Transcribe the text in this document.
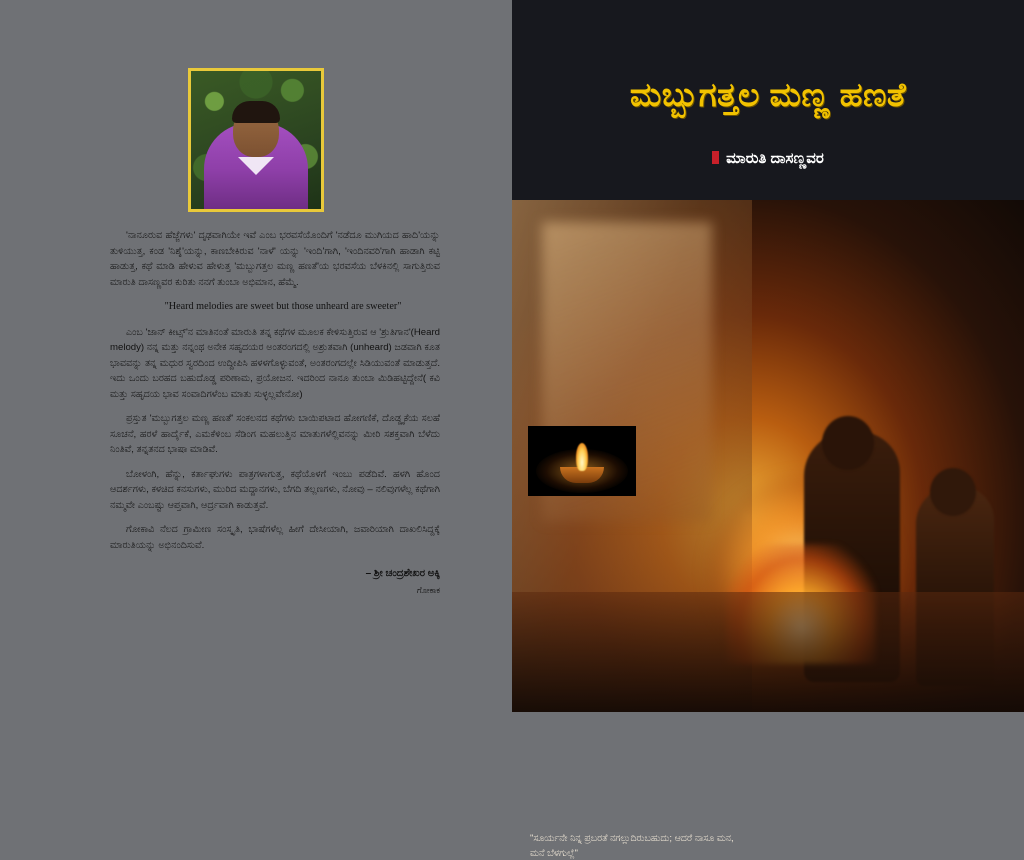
'ನಾನೂರುವ ಹೆಜ್ಜೆಗಳು' ದೃಢವಾಗಿಯೇ ಇವೆ ಎಂಬ ಭರವಸೆಯೊಂದಿಗೆ 'ನಡೆದೂ ಮುಗಿಯದ ಹಾದಿ'ಯನ್ನು ತುಳಿಯುತ್ತ, ಕಂಡ 'ನಿಶ್ಶೆ'ಯನ್ನು, ಕಾಣಬೇಕಿರುವ 'ನಾಳೆ' ಯನ್ನು 'ಇಂದಿ'ಗಾಗಿ, 'ಇಂದಿನವರಿ'ಗಾಗಿ ಹಾಡಾಗಿ ಕಟ್ಟಿ ಹಾಡುತ್ತ, ಕಥೆ ಮಾಡಿ ಹೇಳುವ ಹೇಳುತ್ತ 'ಮಬ್ಬುಗತ್ತಲ ಮಣ್ಣ ಹಣತೆ'ಯ ಭರವಸೆಯ ಬೆಳಕಿನಲ್ಲಿ ಸಾಗುತ್ತಿರುವ ಮಾರುತಿ ದಾಸಣ್ಣವರ ಕುರಿತು ನನಗೆ ತುಂಬಾ ಅಭಿಮಾನ, ಹೆಮ್ಮೆ.

"Heard melodies are sweet but those unheard are sweeter"

ಎಂಬ 'ಜಾನ್ ಕೀಟ್ಸ್'ನ ಮಾತಿನಂತೆ ಮಾರುತಿ ತನ್ನ ಕಥೆಗಳ ಮೂಲಕ ಕೇಳಿಸುತ್ತಿರುವ ಆ 'ಶ್ರುತಿಗಾನ'(Heard melody) ನನ್ನ ಮತ್ತು ನನ್ನಂಥ ಅನೇಕ ಸಹೃದಯರ ಅಂತರಂಗದಲ್ಲಿ ಅಶ್ರುತವಾಗಿ (unheard) ಜಡವಾಗಿ ಕೂತ ಭಾವವನ್ನು ತನ್ನ ಮಧುರ ಸ್ವರದಿಂದ ಉದ್ದೀಪಿಸಿ ಹಳಳಗೊಳ್ಳುವಂತೆ, ಅಂತರಂಗದಲ್ಲೇ ಸಿಡಿಯುವಂತೆ ಮಾಡುತ್ತದೆ. ಇದು ಒಂದು ಬರಹದ ಬಹುದೊಡ್ಡ ಪರಿಣಾಮ, ಪ್ರಯೋಜನ. ಇದರಿಂದ ನಾನೂ ತುಂಬಾ ಮಿಡಿಹಟ್ಟಿದ್ದೇನೆ( ಕವಿ ಮತ್ತು ಸಹೃದಯ ಭಾವ ಸಂವಾದಿಗಳೆಂಬ ಮಾತು ಸುಳ್ಳಲ್ಲವೇನೋ)

ಪ್ರಸ್ತುತ 'ಮಬ್ಬುಗತ್ತಲ ಮಣ್ಣ ಹಣತೆ' ಸಂಕಲನದ ಕಥೆಗಳು ಬಾಯಿಪಟಾದ ಹೋಗಣಿಕೆ, ದೊಡ್ಡೃಕೆಯ ಸಲಹೆ ಸೂಚನೆ, ಹರಳೆ ಹಾರ್ದೈಕೆ, ಎಮಕೆಳಿಂಬ ಸೆಡಿಂಗ ಮಹಲುತ್ತಿನ ಮಾತುಗಳೆಲ್ಲಿವನನ್ನು ಮೀರಿ ಸಶಕ್ತವಾಗಿ ಬೆಳೆದು ನಿಂತಿವೆ, ತನ್ನತನದ ಭಾಷಾ ಮಾಡಿವೆ.

ಬೋಳಂಗಿ, ಹೆನ್ನು, ಕರ್ತಾಘುಗಳು ಪಾತ್ರಗಳಾಗುತ್ತ, ಕಥೆಯೊಳಗೆ ಇಂಬು ಪಡೆದಿವೆ. ಹಳಗಿ ಹೊಂದ ಆದರ್ಶಗಳು, ಕಳಚಿದ ಕನಸುಗಳು, ಮುರಿದ ಮದ್ದಾನಗಳು, ಬೆಗದಿ ತಲ್ಲಣಗಳು, ನೋವು – ನಲಿವುಗಳೆಲ್ಲ ಕಥೆಗಾಗಿ ನಮ್ಮವೇ ಎಂಬಷ್ಟು ಆಪ್ತವಾಗಿ, ಆರ್ದ್ರವಾಗಿ ಕಾಡುತ್ತವೆ.

ಗೋಕಾವಿ ನೆಲದ ಗ್ರಾಮೀಣ ಸಂಸ್ಕೃತಿ, ಭಾಷೆಗಳೆಲ್ಲ ಹೀಗೆ ದೇಸೀಯಾಗಿ, ಜವಾರಿಯಾಗಿ ದಾಖಲಿಸಿದ್ದಕ್ಕೆ ಮಾರುತಿಯನ್ನು ಅಭಿನಂದಿಸುವೆ.

– ಶ್ರೀ ಚಂದ್ರಶೇಖರ ಅಕ್ಕಿ
ಗೋಕಾಕ
ಮಬ್ಬುಗತ್ತಲ ಮಣ್ಣ ಹಣತೆ
ಮಾರುತಿ ದಾಸಣ್ಣವರ
"ಸೂರ್ಯನೇ ನಿನ್ನ ಪ್ರಬರತೆ ನಗಲ್ಲುದಿರುಬಹುದು; ಆದರೆ ನಾಸೂ ಮನ, ಮನೆ ಬೆಳಗುಲ್ಲೆ"
